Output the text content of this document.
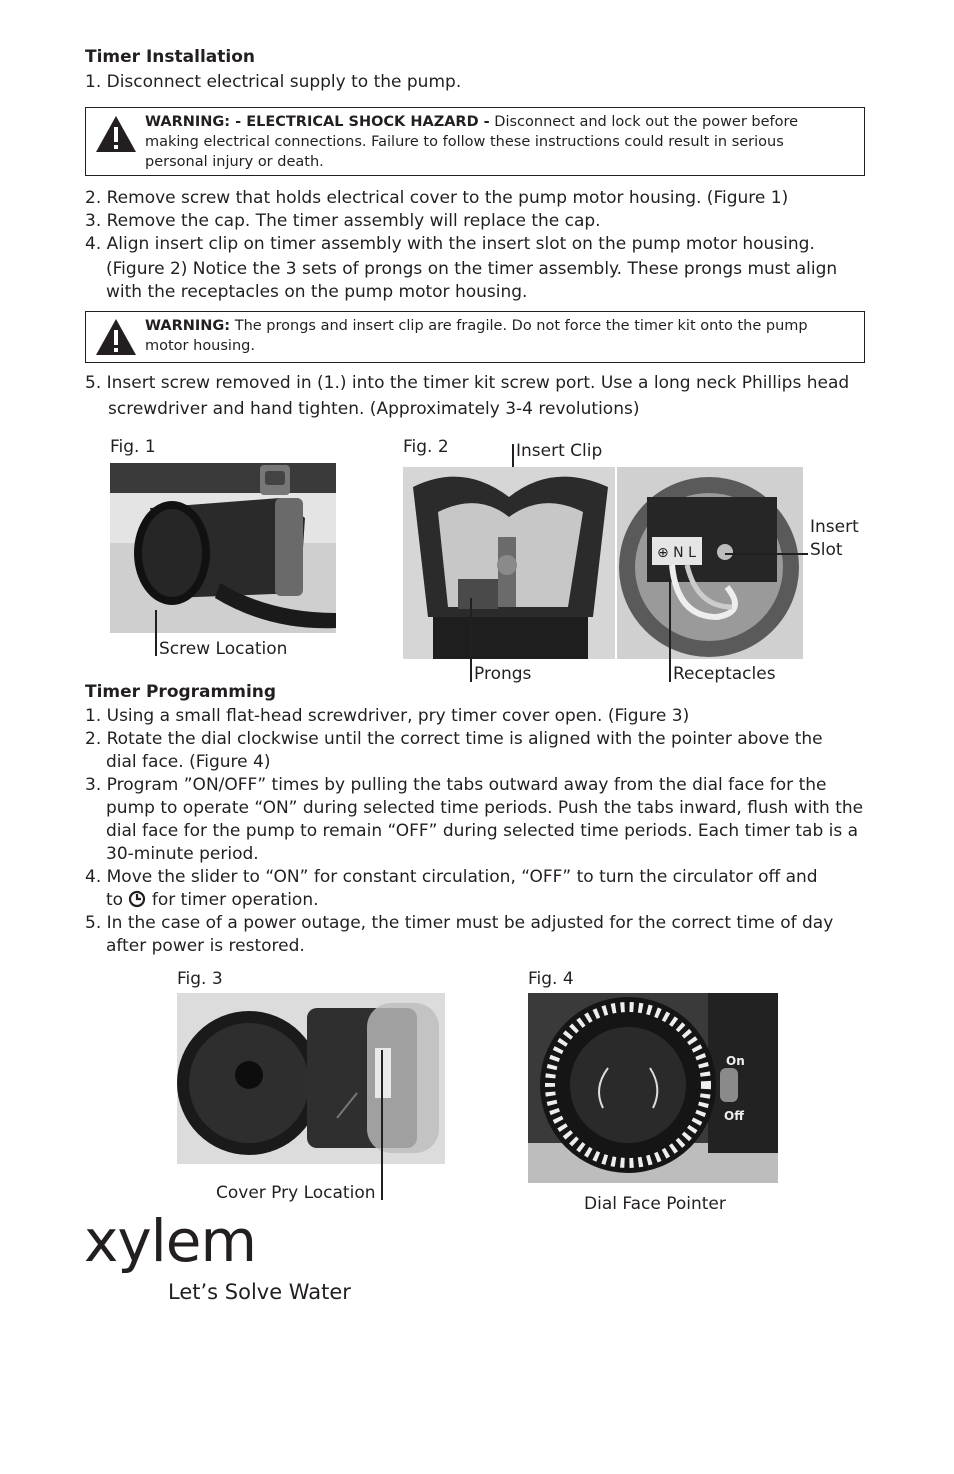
Timer Installation
1. Disconnect electrical supply to the pump.
WARNING: - ELECTRICAL SHOCK HAZARD - Disconnect and lock out the power before
making electrical connections. Failure to follow these instructions could result in serious
personal injury or death.
2. Remove screw that holds electrical cover to the pump motor housing. (Figure 1)
3. Remove the cap. The timer assembly will replace the cap.
4. Align insert clip on timer assembly with the insert slot on the pump motor housing.
(Figure 2) Notice the 3 sets of prongs on the timer assembly. These prongs must align
with the receptacles on the pump motor housing.
WARNING: The prongs and insert clip are fragile. Do not force the timer kit onto the pump
motor housing.
5. Insert screw removed in (1.) into the timer kit screw port. Use a long neck Phillips head
screwdriver and hand tighten. (Approximately 3-4 revolutions)
Fig. 1
Screw Location
Fig. 2	Insert Clip
⊕ N L
Insert
Slot
Prongs	Receptacles
Timer Programming
1. Using a small flat-head screwdriver, pry timer cover open. (Figure 3)
2. Rotate the dial clockwise until the correct time is aligned with the pointer above the
dial face. (Figure 4)
3. Program ”ON/OFF” times by pulling the tabs outward away from the dial face for the
pump to operate “ON” during selected time periods. Push the tabs inward, flush with the
dial face for the pump to remain “OFF” during selected time periods. Each timer tab is a
30-minute period.
4. Move the slider to “ON” for constant circulation, “OFF” to turn the circulator off and
to for timer operation.
5. In the case of a power outage, the timer must be adjusted for the correct time of day
after power is restored.
Fig. 3
Cover Pry Location
Fig. 4
On
Off
Dial Face Pointer
xylem
Let’s Solve Water
